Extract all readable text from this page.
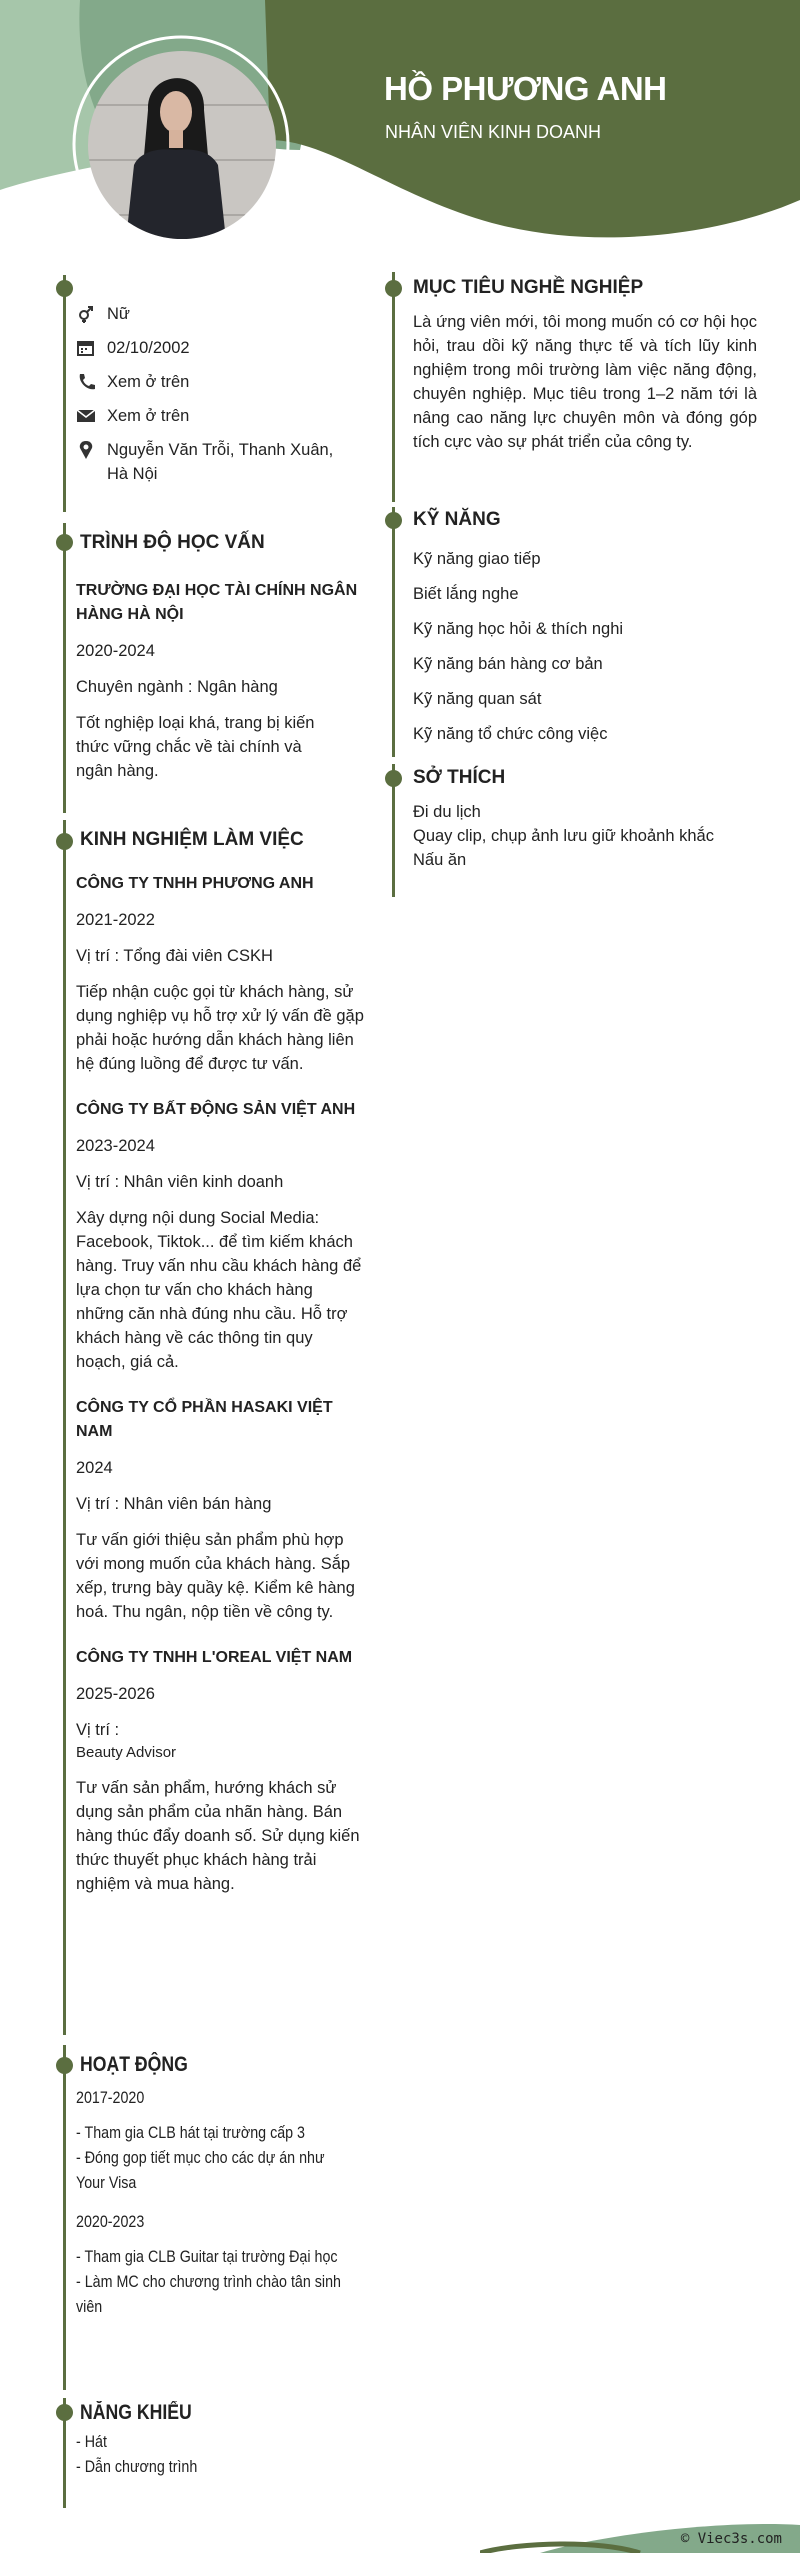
HỒ PHƯƠNG ANH
NHÂN VIÊN KINH DOANH
Nữ
02/10/2002
Xem ở trên
Xem ở trên
Nguyễn Văn Trỗi, Thanh Xuân, Hà Nội
TRÌNH ĐỘ HỌC VẤN
TRƯỜNG ĐẠI HỌC TÀI CHÍNH NGÂN HÀNG HÀ NỘI
2020-2024
Chuyên ngành : Ngân hàng
Tốt nghiệp loại khá, trang bị kiến thức vững chắc về tài chính và ngân hàng.
KINH NGHIỆM LÀM VIỆC
CÔNG TY TNHH PHƯƠNG ANH
2021-2022
Vị trí : Tổng đài viên CSKH
Tiếp nhận cuộc gọi từ khách hàng, sử dụng nghiệp vụ hỗ trợ xử lý vấn đề gặp phải hoặc hướng dẫn khách hàng liên hệ đúng luồng để được tư vấn.
CÔNG TY BẤT ĐỘNG SẢN VIỆT ANH
2023-2024
Vị trí : Nhân viên kinh doanh
Xây dựng nội dung Social Media: Facebook, Tiktok... để tìm kiếm khách hàng. Truy vấn nhu cầu khách hàng để lựa chọn tư vấn cho khách hàng những căn nhà đúng nhu cầu. Hỗ trợ khách hàng về các thông tin quy hoạch, giá cả.
CÔNG TY CỔ PHẦN HASAKI VIỆT NAM
2024
Vị trí : Nhân viên bán hàng
Tư vấn giới thiệu sản phẩm phù hợp với mong muốn của khách hàng. Sắp xếp, trưng bày quầy kệ. Kiểm kê hàng hoá. Thu ngân, nộp tiền về công ty.
CÔNG TY TNHH L'OREAL VIỆT NAM
2025-2026
Vị trí :
Beauty Advisor
Tư vấn sản phẩm, hướng khách sử dụng sản phẩm của nhãn hàng. Bán hàng thúc đẩy doanh số. Sử dụng kiến thức thuyết phục khách hàng trải nghiệm và mua hàng.
HOẠT ĐỘNG
2017-2020
- Tham gia CLB hát tại trường cấp 3
- Đóng gop tiết mục cho các dự án như Your Visa
2020-2023
- Tham gia CLB Guitar tại trường Đại học
- Làm MC cho chương trình chào tân sinh viên
NĂNG KHIẾU
- Hát
- Dẫn chương trình
MỤC TIÊU NGHỀ NGHIỆP
Là ứng viên mới, tôi mong muốn có cơ hội học hỏi, trau dồi kỹ năng thực tế và tích lũy kinh nghiệm trong môi trường làm việc năng động, chuyên nghiệp. Mục tiêu trong 1–2 năm tới là nâng cao năng lực chuyên môn và đóng góp tích cực vào sự phát triển của công ty.
KỸ NĂNG
Kỹ năng giao tiếp
Biết lắng nghe
Kỹ năng học hỏi & thích nghi
Kỹ năng bán hàng cơ bản
Kỹ năng quan sát
Kỹ năng tổ chức công việc
SỞ THÍCH
Đi du lịch
Quay clip, chụp ảnh lưu giữ khoảnh khắc
Nấu ăn
© Viec3s.com
